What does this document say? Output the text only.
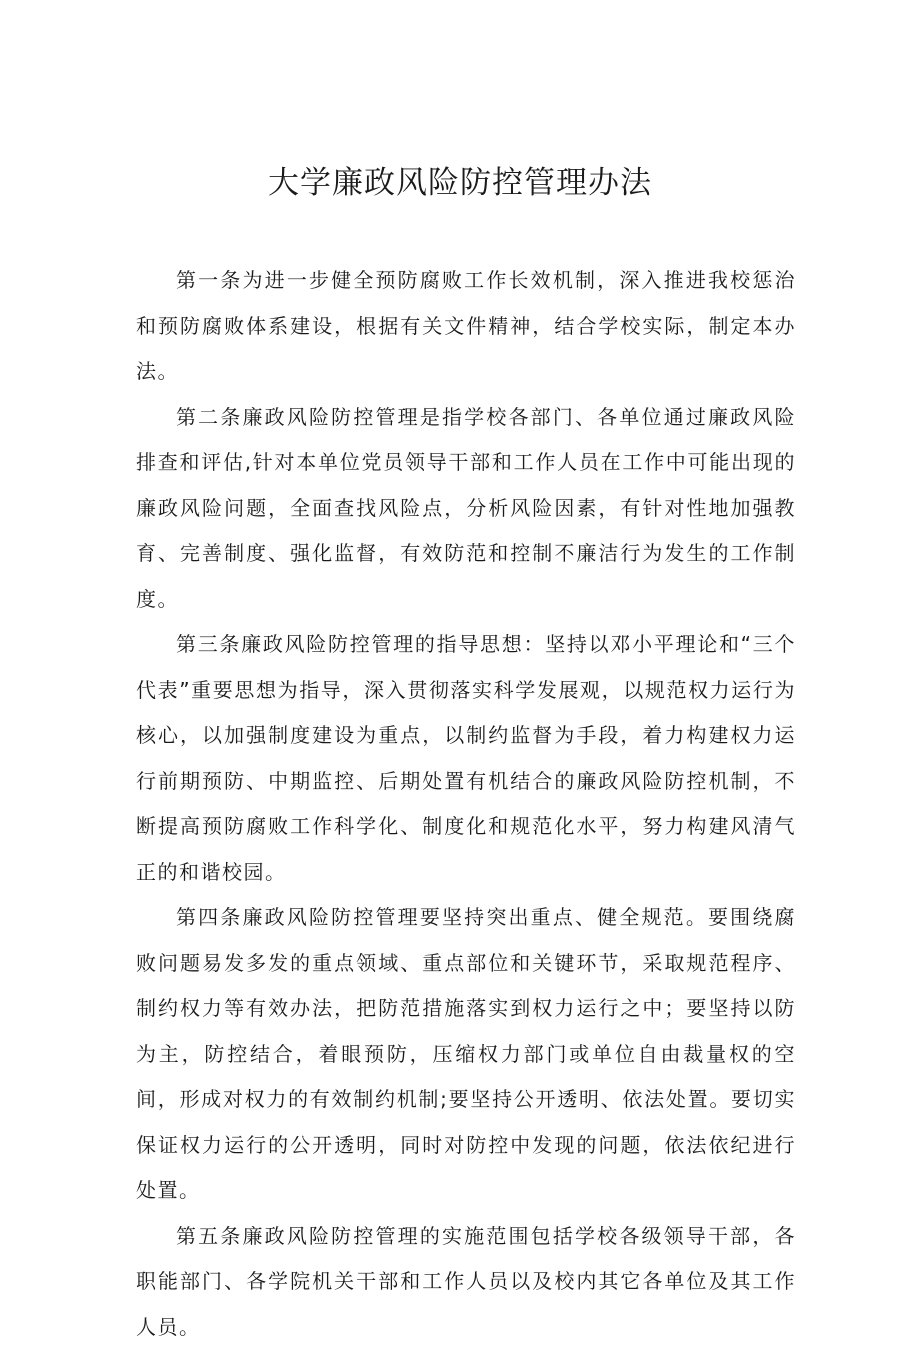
大学廉政风险防控管理办法

第一条为进一步健全预防腐败工作长效机制，深入推进我校惩治和预防腐败体系建设，根据有关文件精神，结合学校实际，制定本办法。

第二条廉政风险防控管理是指学校各部门、各单位通过廉政风险排查和评估,针对本单位党员领导干部和工作人员在工作中可能出现的廉政风险问题，全面查找风险点，分析风险因素，有针对性地加强教育、完善制度、强化监督，有效防范和控制不廉洁行为发生的工作制度。

第三条廉政风险防控管理的指导思想：坚持以邓小平理论和“三个代表”重要思想为指导，深入贯彻落实科学发展观，以规范权力运行为核心，以加强制度建设为重点，以制约监督为手段，着力构建权力运行前期预防、中期监控、后期处置有机结合的廉政风险防控机制，不断提高预防腐败工作科学化、制度化和规范化水平，努力构建风清气正的和谐校园。

第四条廉政风险防控管理要坚持突出重点、健全规范。要围绕腐败问题易发多发的重点领域、重点部位和关键环节，采取规范程序、制约权力等有效办法，把防范措施落实到权力运行之中；要坚持以防为主，防控结合，着眼预防，压缩权力部门或单位自由裁量权的空间，形成对权力的有效制约机制;要坚持公开透明、依法处置。要切实保证权力运行的公开透明，同时对防控中发现的问题，依法依纪进行处置。

第五条廉政风险防控管理的实施范围包括学校各级领导干部，各职能部门、各学院机关干部和工作人员以及校内其它各单位及其工作人员。
